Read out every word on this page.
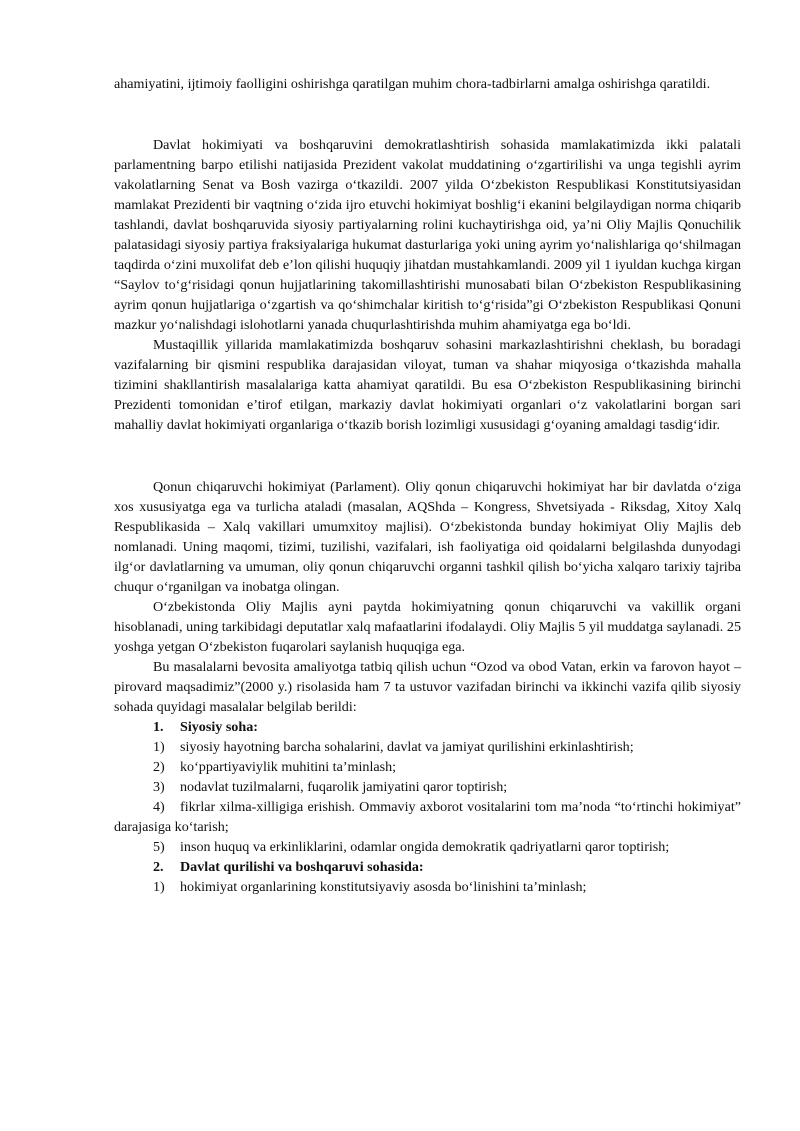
ahamiyatini, ijtimoiy faolligini oshirishga qaratilgan muhim chora-tadbirlarni amalga oshirishga qaratildi.

Davlat hokimiyati va boshqaruvini demokratlashtirish sohasida mamlakatimizda ikki palatali parlamentning barpo etilishi natijasida Prezident vakolat muddatining o‘zgartirilishi va unga tegishli ayrim vakolatlarning Senat va Bosh vazirga o‘tkazildi. 2007 yilda O‘zbekiston Respublikasi Konstitutsiyasidan mamlakat Prezidenti bir vaqtning o‘zida ijro etuvchi hokimiyat boshlig‘i ekanini belgilaydigan norma chiqarib tashlandi, davlat boshqaruvida siyosiy partiyalarning rolini kuchaytirishga oid, ya’ni Oliy Majlis Qonuchilik palatasidagi siyosiy partiya fraksiyalariga hukumat dasturlariga yoki uning ayrim yo‘nalishlariga qo‘shilmagan taqdirda o‘zini muxolifat deb e’lon qilishi huquqiy jihatdan mustahkamlandi. 2009 yil 1 iyuldan kuchga kirgan “Saylov to‘g‘risidagi qonun hujjatlarining takomillashtirishi munosabati bilan O‘zbekiston Respublikasining ayrim qonun hujjatlariga o‘zgartish va qo‘shimchalar kiritish to‘g‘risida”gi O‘zbekiston Respublikasi Qonuni mazkur yo‘nalishdagi islohotlarni yanada chuqurlashtirishda muhim ahamiyatga ega bo‘ldi.

Mustaqillik yillarida mamlakatimizda boshqaruv sohasini markazlashtirishni cheklash, bu boradagi vazifalarning bir qismini respublika darajasidan viloyat, tuman va shahar miqyosiga o‘tkazishda mahalla tizimini shakllantirish masalalariga katta ahamiyat qaratildi. Bu esa O‘zbekiston Respublikasining birinchi Prezidenti tomonidan e’tirof etilgan, markaziy davlat hokimiyati organlari o‘z vakolatlarini borgan sari mahalliy davlat hokimiyati organlariga o‘tkazib borish lozimligi xususidagi g‘oyaning amaldagi tasdig‘idir.

Qonun chiqaruvchi hokimiyat (Parlament). Oliy qonun chiqaruvchi hokimiyat har bir davlatda o‘ziga xos xususiyatga ega va turlicha ataladi (masalan, AQShda – Kongress, Shvetsiyada - Riksdag, Xitoy Xalq Respublikasida – Xalq vakillari umumxitoy majlisi). O‘zbekistonda bunday hokimiyat Oliy Majlis deb nomlanadi. Uning maqomi, tizimi, tuzilishi, vazifalari, ish faoliyatiga oid qoidalarni belgilashda dunyodagi ilg‘or davlatlarning va umuman, oliy qonun chiqaruvchi organni tashkil qilish bo‘yicha xalqaro tarixiy tajriba chuqur o‘rganilgan va inobatga olingan.

O‘zbekistonda Oliy Majlis ayni paytda hokimiyatning qonun chiqaruvchi va vakillik organi hisoblanadi, uning tarkibidagi deputatlar xalq mafaatlarini ifodalaydi. Oliy Majlis 5 yil muddatga saylanadi. 25 yoshga yetgan O‘zbekiston fuqarolari saylanish huquqiga ega.

Bu masalalarni bevosita amaliyotga tatbiq qilish uchun “Ozod va obod Vatan, erkin va farovon hayot – pirovard maqsadimiz”(2000 y.) risolasida ham 7 ta ustuvor vazifadan birinchi va ikkinchi vazifa qilib siyosiy sohada quyidagi masalalar belgilab berildi:

1. Siyosiy soha:
1) siyosiy hayotning barcha sohalarini, davlat va jamiyat qurilishini erkinlashtirish;
2) ko‘ppartiyaviylik muhitini ta’minlash;
3) nodavlat tuzilmalarni, fuqarolik jamiyatini qaror toptirish;

4) fikrlar xilma-xilligiga erishish. Ommaviy axborot vositalarini tom ma’noda “to‘rtinchi hokimiyat” darajasiga ko‘tarish;

5) inson huquq va erkinliklarini, odamlar ongida demokratik qadriyatlarni qaror toptirish;
2. Davlat qurilishi va boshqaruvi sohasida:
1) hokimiyat organlarining konstitutsiyaviy asosda bo‘linishini ta’minlash;
